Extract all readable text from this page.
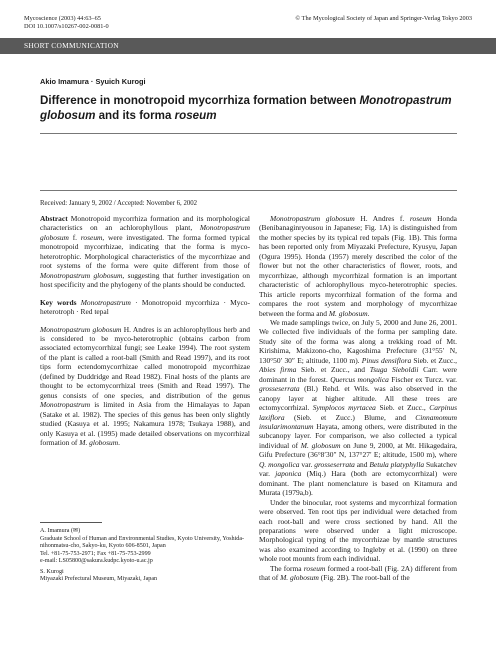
Mycoscience (2003) 44:63–65
DOI 10.1007/s10267-002-0081-0
© The Mycological Society of Japan and Springer-Verlag Tokyo 2003
SHORT COMMUNICATION
Akio Imamura · Syuich Kurogi
Difference in monotropoid mycorrhiza formation between Monotropastrum
globosum and its forma roseum
Received: January 9, 2002 / Accepted: November 6, 2002

Abstract Monotropoid mycorrhiza formation and its morphological characteristics on an achlorophyllous plant, Monotropastrum globosum f. roseum, were investigated. The forma formed typical monotropoid mycorrhizae, indicating that the forma is myco-heterotrophic. Morphological characteristics of the mycorrhizae and root systems of the forma were quite different from those of Monotropastrum globosum, suggesting that further investigation on host specificity and the phylogeny of the plants should be conducted.

Key words Monotropastrum · Monotropoid mycorrhiza · Myco-heterotroph · Red tepal

Monotropastrum globosum H. Andres is an achlorophyllous herb and is considered to be myco-heterotrophic (obtains carbon from associated ectomycorrhizal fungi; see Leake 1994). The root system of the plant is called a root-ball (Smith and Read 1997), and its root tips form ectendomycorrhizae called monotropoid mycorrhizae (defined by Duddridge and Read 1982). Final hosts of the plants are thought to be ectomycorrhizal trees (Smith and Read 1997). The genus consists of one species, and distribution of the genus Monotropastrum is limited in Asia from the Himalayas to Japan (Satake et al. 1982). The species of this genus has been only slightly studied (Kasuya et al. 1995; Nakamura 1978; Tsukaya 1988), and only Kasuya et al. (1995) made detailed observations on mycorrhizal formation of M. globosum.

A. Imamura (✉)
Graduate School of Human and Environmental Studies, Kyoto University, Yoshida-nihonmatsu-cho, Sakyo-ku, Kyoto 606-8501, Japan
Tel. +81-75-753-2971; Fax +81-75-753-2999
e-mail: LS05800@sakura.kudpc.kyoto-u.ac.jp

S. Kurogi
Miyazaki Prefectural Museum, Miyazaki, Japan

Monotropastrum globosum H. Andres f. roseum Honda (Benibanaginryousou in Japanese; Fig. 1A) is distinguished from the mother species by its typical red tepals (Fig. 1B). This forma has been reported only from Miyazaki Prefecture, Kyusyu, Japan (Ogura 1995). Honda (1957) merely described the color of the flower but not the other characteristics of flower, roots, and mycorrhizae, although mycorrhizal formation is an important characteristic of achlorophyllous myco-heterotrophic species. This article reports mycorrhizal formation of the forma and compares the root system and morphology of mycorrhizae between the forma and M. globosum.

We made samplings twice, on July 5, 2000 and June 26, 2001. We collected five individuals of the forma per sampling date. Study site of the forma was along a trekking road of Mt. Kirishima, Makizono-cho, Kagoshima Prefecture (31°55′ N, 130°50′ 30″ E; altitude, 1100 m). Pinus densiflora Sieb. et Zucc., Abies firma Sieb. et Zucc., and Tsuga Sieboldii Carr. were dominant in the forest. Quercus mongolica Fischer ex Turcz. var. grosseserrata (Bl.) Rehd. et Wils. was also observed in the canopy layer at higher altitude. All these trees are ectomycorrhizal. Symplocos myrtacea Sieb. et Zucc., Carpinus laxiflora (Sieb. et Zucc.) Blume, and Cinnamomum insularimontanum Hayata, among others, were distributed in the subcanopy layer. For comparison, we also collected a typical individual of M. globosum on June 9, 2000, at Mt. Hikagedaira, Gifu Prefecture (36°8′30″ N, 137°27′ E; altitude, 1500 m), where Q. mongolica var. grosseserrata and Betula platyphylla Sukatchev var. japonica (Miq.) Hara (both are ectomycorrhizal) were dominant. The plant nomenclature is based on Kitamura and Murata (1979a,b).

Under the binocular, root systems and mycorrhizal formation were observed. Ten root tips per individual were detached from each root-ball and were cross sectioned by hand. All the preparations were observed under a light microscope. Morphological typing of the mycorrhizae by mantle structures was also examined according to Ingleby et al. (1990) on three whole root mounts from each individual.

The forma roseum formed a root-ball (Fig. 2A) different from that of M. globosum (Fig. 2B). The root-ball of the
